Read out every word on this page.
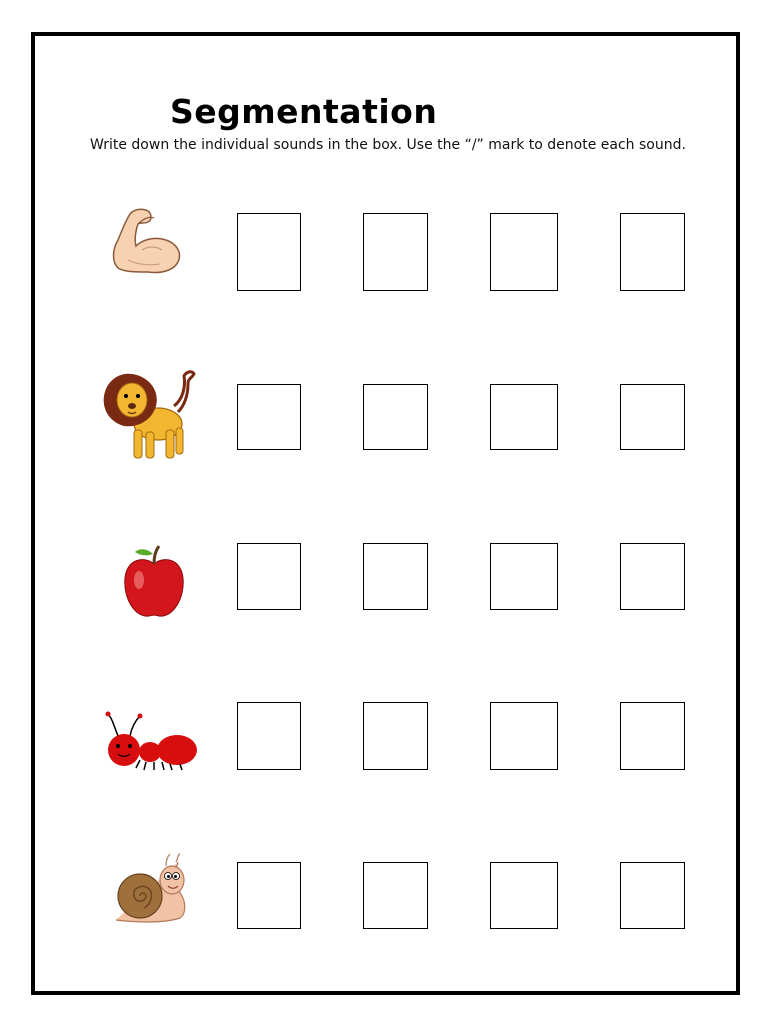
Segmentation

Write down the individual sounds in the box. Use the “/” mark to denote each sound.
